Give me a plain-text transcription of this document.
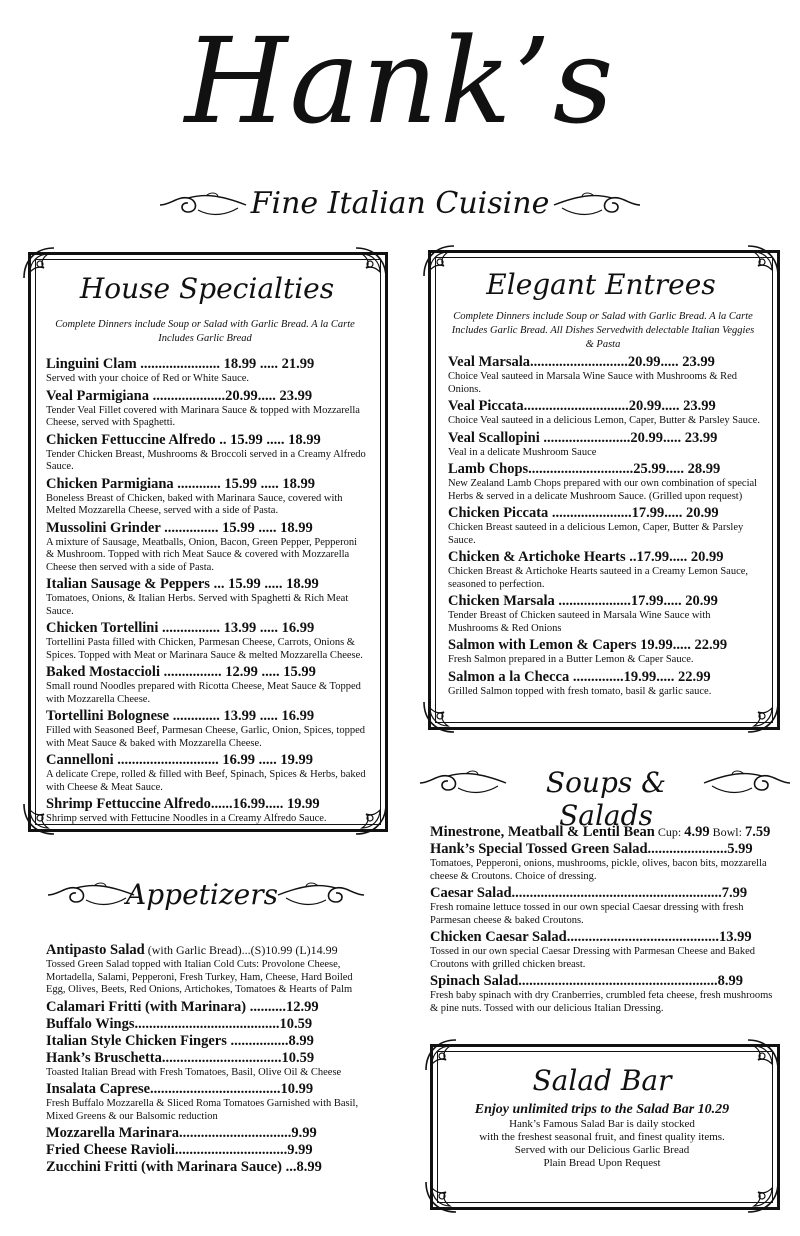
Hank’s
Fine Italian Cuisine
House Specialties
Complete Dinners include Soup or Salad with Garlic Bread. A la Carte Includes Garlic Bread
Linguini Clam ...................... 18.99 ..... 21.99
Served with your choice of Red or White Sauce.
Veal Parmigiana ....................20.99..... 23.99
Tender Veal Fillet covered with Marinara Sauce & topped with Mozzarella Cheese, served with Spaghetti.
Chicken Fettuccine Alfredo .. 15.99 ..... 18.99
Tender Chicken Breast, Mushrooms & Broccoli served in a Creamy Alfredo Sauce.
Chicken Parmigiana ............ 15.99 ..... 18.99
Boneless Breast of Chicken, baked with Marinara Sauce, covered with Melted Mozzarella Cheese, served with a side of Pasta.
Mussolini Grinder ............... 15.99 ..... 18.99
A mixture of Sausage, Meatballs, Onion, Bacon, Green Pepper, Pepperoni & Mushroom. Topped with rich Meat Sauce & covered with Mozzarella Cheese then served with a side of Pasta.
Italian Sausage & Peppers ... 15.99 ..... 18.99
Tomatoes, Onions, & Italian Herbs. Served with Spaghetti & Rich Meat Sauce.
Chicken Tortellini ................ 13.99 ..... 16.99
Tortellini Pasta filled with Chicken, Parmesan Cheese, Carrots, Onions & Spices. Topped with Meat or Marinara Sauce & melted Mozzarella Cheese.
Baked Mostaccioli ................ 12.99 ..... 15.99
Small round Noodles prepared with Ricotta Cheese, Meat Sauce & Topped with Mozzarella Cheese.
Tortellini Bolognese ............. 13.99 ..... 16.99
Filled with Seasoned Beef, Parmesan Cheese, Garlic, Onion, Spices, topped with Meat Sauce & baked with Mozzarella Cheese.
Cannelloni ............................ 16.99 ..... 19.99
A delicate Crepe, rolled & filled with Beef, Spinach, Spices & Herbs, baked with Cheese & Meat Sauce.
Shrimp Fettuccine Alfredo......16.99..... 19.99
Shrimp served with Fettucine Noodles in a Creamy Alfredo Sauce.
Elegant Entrees
Complete Dinners include Soup or Salad with Garlic Bread. A la Carte Includes Garlic Bread. All Dishes Servedwith delectable Italian Veggies & Pasta
Veal Marsala...........................20.99..... 23.99
Choice Veal sauteed in Marsala Wine Sauce with Mushrooms & Red Onions.
Veal Piccata.............................20.99..... 23.99
Choice Veal sauteed in a delicious Lemon, Caper, Butter & Parsley Sauce.
Veal Scallopini ........................20.99..... 23.99
Veal in a delicate Mushroom Sauce
Lamb Chops.............................25.99..... 28.99
New Zealand Lamb Chops prepared with our own combination of special Herbs & served in a delicate Mushroom Sauce. (Grilled upon request)
Chicken Piccata ......................17.99..... 20.99
Chicken Breast sauteed in a delicious Lemon, Caper, Butter & Parsley Sauce.
Chicken & Artichoke Hearts ..17.99..... 20.99
Chicken Breast & Artichoke Hearts sauteed in a Creamy Lemon Sauce, seasoned to perfection.
Chicken Marsala ....................17.99..... 20.99
Tender Breast of Chicken sauteed in Marsala Wine Sauce with Mushrooms & Red Onions
Salmon with Lemon & Capers 19.99..... 22.99
Fresh Salmon prepared in a Butter Lemon & Caper Sauce.
Salmon a la Checca ..............19.99..... 22.99
Grilled Salmon topped with fresh tomato, basil & garlic sauce.
Soups & Salads
Minestrone, Meatball & Lentil Bean Cup: 4.99 Bowl: 7.59
Hank’s Special Tossed Green Salad......................5.99
Tomatoes, Pepperoni, onions, mushrooms, pickle, olives, bacon bits, mozzarella cheese & Croutons. Choice of dressing.
Caesar Salad..........................................................7.99
Fresh romaine lettuce tossed in our own special Caesar dressing with fresh Parmesan cheese & baked Croutons.
Chicken Caesar Salad..........................................13.99
Tossed in our own special Caesar Dressing with Parmesan Cheese and Baked Croutons with grilled chicken breast.
Spinach Salad.......................................................8.99
Fresh baby spinach with dry Cranberries, crumbled feta cheese, fresh mushrooms & pine nuts. Tossed with our delicious Italian Dressing.
Appetizers
Antipasto Salad (with Garlic Bread)...(S)10.99 (L)14.99
Tossed Green Salad topped with Italian Cold Cuts: Provolone Cheese, Mortadella, Salami, Pepperoni, Fresh Turkey, Ham, Cheese, Hard Boiled Egg, Olives, Beets, Red Onions, Artichokes, Tomatoes & Hearts of Palm
Calamari Fritti (with Marinara) ..........12.99
Buffalo Wings........................................10.59
Italian Style Chicken Fingers ................8.99
Hank’s Bruschetta.................................10.59
Toasted Italian Bread with Fresh Tomatoes, Basil, Olive Oil & Cheese
Insalata Caprese....................................10.99
Fresh Buffalo Mozzarella & Sliced Roma Tomatoes Garnished with Basil, Mixed Greens & our Balsomic reduction
Mozzarella Marinara...............................9.99
Fried Cheese Ravioli...............................9.99
Zucchini Fritti (with Marinara Sauce) ...8.99
Salad Bar
Enjoy unlimited trips to the Salad Bar 10.29
Hank’s Famous Salad Bar is daily stocked
with the freshest seasonal fruit, and finest quality items.
Served with our Delicious Garlic Bread
Plain Bread Upon Request
